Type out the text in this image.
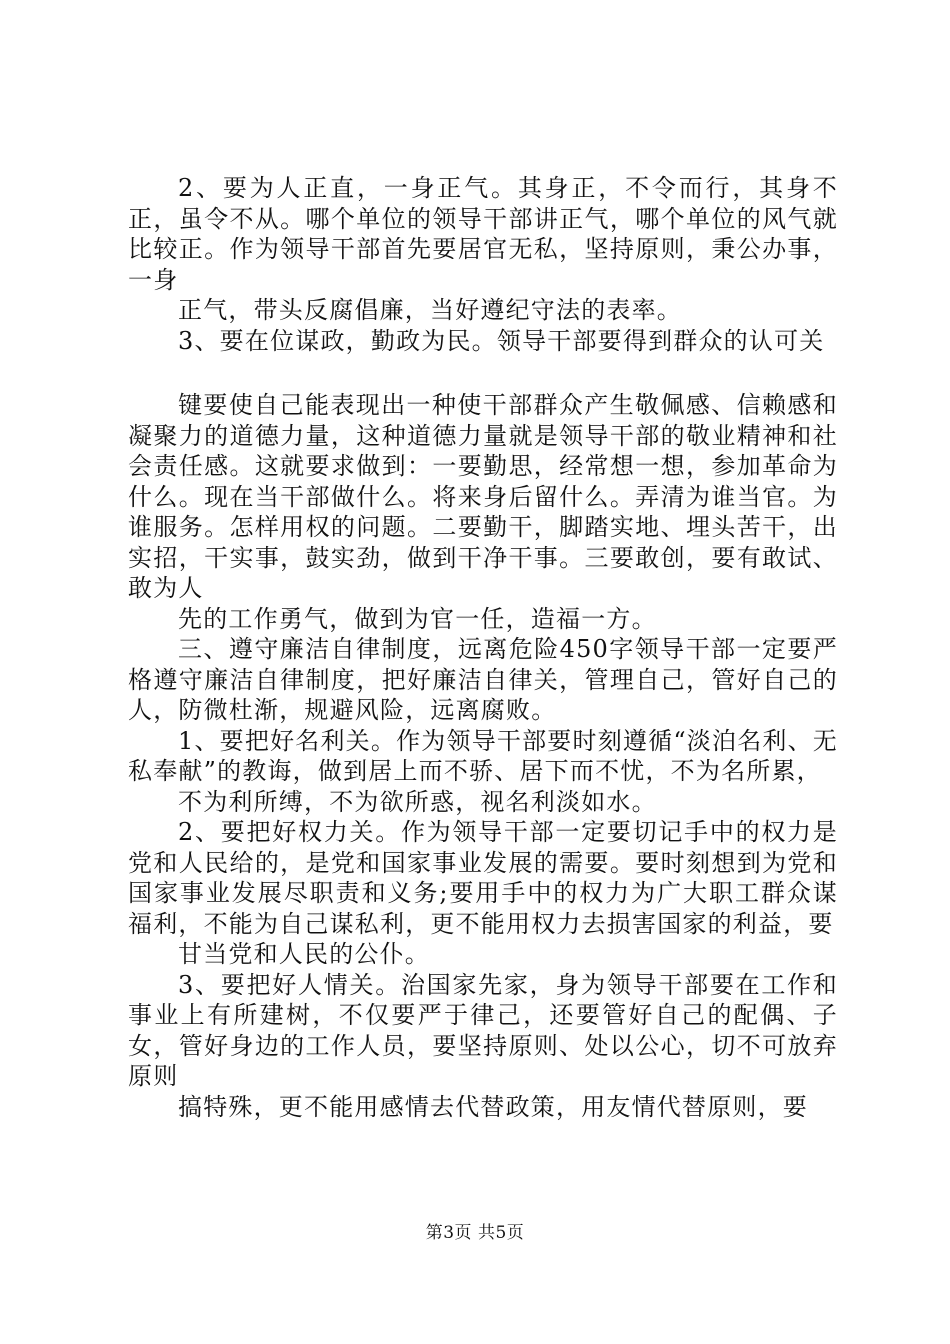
2、要为人正直，一身正气。其身正，不令而行，其身不正，虽令不从。哪个单位的领导干部讲正气，哪个单位的风气就比较正。作为领导干部首先要居官无私，坚持原则，秉公办事，一身

正气，带头反腐倡廉，当好遵纪守法的表率。

3、要在位谋政，勤政为民。领导干部要得到群众的认可关

键要使自己能表现出一种使干部群众产生敬佩感、信赖感和凝聚力的道德力量，这种道德力量就是领导干部的敬业精神和社会责任感。这就要求做到：一要勤思，经常想一想，参加革命为什么。现在当干部做什么。将来身后留什么。弄清为谁当官。为谁服务。怎样用权的问题。二要勤干，脚踏实地、埋头苦干，出实招，干实事，鼓实劲，做到干净干事。三要敢创，要有敢试、敢为人

先的工作勇气，做到为官一任，造福一方。

三、遵守廉洁自律制度，远离危险450字领导干部一定要严格遵守廉洁自律制度，把好廉洁自律关，管理自己，管好自己的人，防微杜渐，规避风险，远离腐败。

1、要把好名利关。作为领导干部要时刻遵循“淡泊名利、无私奉献”的教诲，做到居上而不骄、居下而不忧，不为名所累，

不为利所缚，不为欲所惑，视名利淡如水。

2、要把好权力关。作为领导干部一定要切记手中的权力是党和人民给的，是党和国家事业发展的需要。要时刻想到为党和国家事业发展尽职责和义务;要用手中的权力为广大职工群众谋福利，不能为自己谋私利，更不能用权力去损害国家的利益，要

甘当党和人民的公仆。

3、要把好人情关。治国家先家，身为领导干部要在工作和事业上有所建树，不仅要严于律己，还要管好自己的配偶、子女，管好身边的工作人员，要坚持原则、处以公心，切不可放弃原则

搞特殊，更不能用感情去代替政策，用友情代替原则，要

第3页 共5页
